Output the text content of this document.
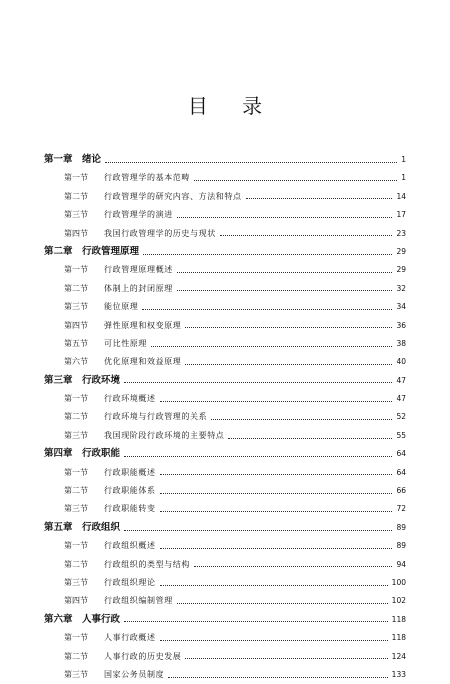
目 录
第一章 绪论	1
第一节	行政管理学的基本范畴	1
第二节	行政管理学的研究内容、方法和特点	14
第三节	行政管理学的演进	17
第四节	我国行政管理学的历史与现状	23
第二章 行政管理原理	29
第一节	行政管理原理概述	29
第二节	体制上的封闭原理	32
第三节	能位原理	34
第四节	弹性原理和权变原理	36
第五节	可比性原理	38
第六节	优化原理和效益原理	40
第三章 行政环境	47
第一节	行政环境概述	47
第二节	行政环境与行政管理的关系	52
第三节	我国现阶段行政环境的主要特点	55
第四章 行政职能	64
第一节	行政职能概述	64
第二节	行政职能体系	66
第三节	行政职能转变	72
第五章 行政组织	89
第一节	行政组织概述	89
第二节	行政组织的类型与结构	94
第三节	行政组织理论	100
第四节	行政组织编制管理	102
第六章 人事行政	118
第一节	人事行政概述	118
第二节	人事行政的历史发展	124
第三节	国家公务员制度	133
